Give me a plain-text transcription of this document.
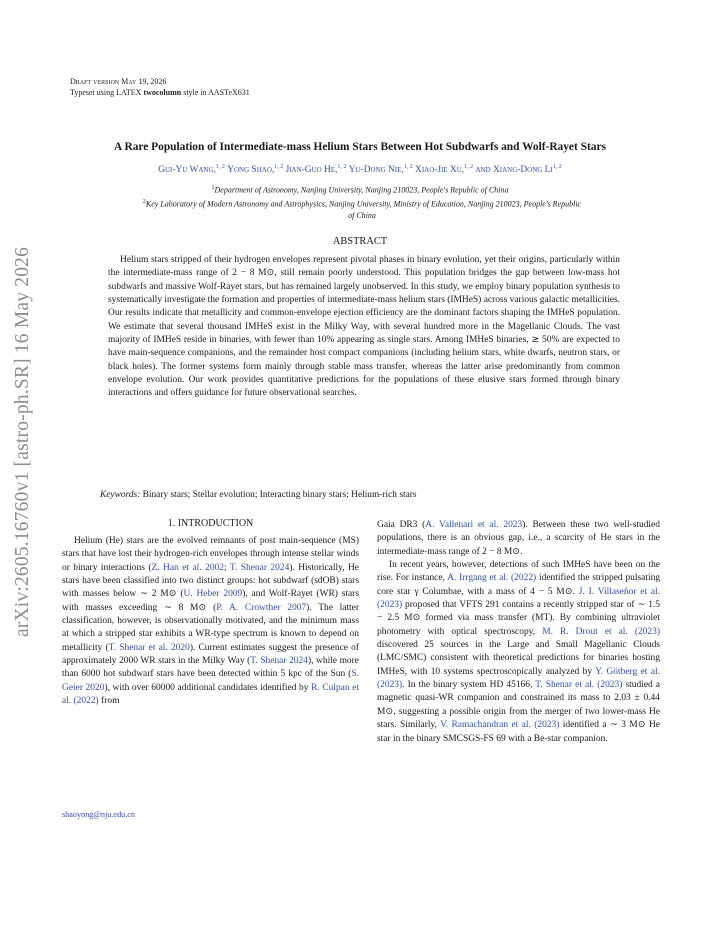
arXiv:2605.16760v1 [astro-ph.SR] 16 May 2026
Draft version May 19, 2026
Typeset using LATEX twocolumn style in AASTeX631
A Rare Population of Intermediate-mass Helium Stars Between Hot Subdwarfs and Wolf-Rayet Stars
Gui-Yu Wang,$^{1, 2}$ Yong Shao,$^{1, 2}$ Jian-Guo He,$^{1, 2}$ Yu-Dong Nie,$^{1, 2}$ Xiao-Jie Xu,$^{1, 2}$ and Xiang-Dong Li$^{1, 2}$
$^1$Department of Astronomy, Nanjing University, Nanjing 210023, People's Republic of China
$^2$Key Laboratory of Modern Astronomy and Astrophysics, Nanjing University, Ministry of Education, Nanjing 210023, People's Republic
of China
ABSTRACT
Helium stars stripped of their hydrogen envelopes represent pivotal phases in binary evolution, yet their origins, particularly within the intermediate-mass range of 2 − 8 M⊙, still remain poorly understood. This population bridges the gap between low-mass hot subdwarfs and massive Wolf-Rayet stars, but has remained largely unobserved. In this study, we employ binary population synthesis to systematically investigate the formation and properties of intermediate-mass helium stars (IMHeS) across various galactic metallicities. Our results indicate that metallicity and common-envelope ejection efficiency are the dominant factors shaping the IMHeS population. We estimate that several thousand IMHeS exist in the Milky Way, with several hundred more in the Magellanic Clouds. The vast majority of IMHeS reside in binaries, with fewer than 10% appearing as single stars. Among IMHeS binaries, ≳ 50% are expected to have main-sequence companions, and the remainder host compact companions (including helium stars, white dwarfs, neutron stars, or black holes). The former systems form mainly through stable mass transfer, whereas the latter arise predominantly from common envelope evolution. Our work provides quantitative predictions for the populations of these elusive stars formed through binary interactions and offers guidance for future observational searches.
Keywords: Binary stars; Stellar evolution; Interacting binary stars; Helium-rich stars
1. INTRODUCTION

Helium (He) stars are the evolved remnants of post main-sequence (MS) stars that have lost their hydrogen-rich envelopes through intense stellar winds or binary interactions (Z. Han et al. 2002; T. Shenar 2024). Historically, He stars have been classified into two distinct groups: hot subdwarf (sdOB) stars with masses below ∼ 2 M⊙ (U. Heber 2009), and Wolf-Rayet (WR) stars with masses exceeding ∼ 8 M⊙ (P. A. Crowther 2007). The latter classification, however, is observationally motivated, and the minimum mass at which a stripped star exhibits a WR-type spectrum is known to depend on metallicity (T. Shenar et al. 2020). Current estimates suggest the presence of approximately 2000 WR stars in the Milky Way (T. Shenar 2024), while more than 6000 hot subdwarf stars have been detected within 5 kpc of the Sun (S. Geier 2020), with over 60000 additional candidates identified by R. Culpan et al. (2022) from

Gaia DR3 (A. Vallenari et al. 2023). Between these two well-studied populations, there is an obvious gap, i.e., a scarcity of He stars in the intermediate-mass range of 2 − 8 M⊙.

In recent years, however, detections of such IMHeS have been on the rise. For instance, A. Irrgang et al. (2022) identified the stripped pulsating core star γ Columbae, with a mass of 4 − 5 M⊙. J. I. Villaseñor et al. (2023) proposed that VFTS 291 contains a recently stripped star of ∼ 1.5 − 2.5 M⊙ formed via mass transfer (MT). By combining ultraviolet photometry with optical spectroscopy, M. R. Drout et al. (2023) discovered 25 sources in the Large and Small Magellanic Clouds (LMC/SMC) consistent with theoretical predictions for binaries hosting IMHeS, with 10 systems spectroscopically analyzed by Y. Götberg et al. (2023). In the binary system HD 45166, T. Shenar et al. (2023) studied a magnetic quasi-WR companion and constrained its mass to 2.03 ± 0.44 M⊙, suggesting a possible origin from the merger of two lower-mass He stars. Similarly, V. Ramachandran et al. (2023) identified a ∼ 3 M⊙ He star in the binary SMCSGS-FS 69 with a Be-star companion.

shaoyong@nju.edu.cn
